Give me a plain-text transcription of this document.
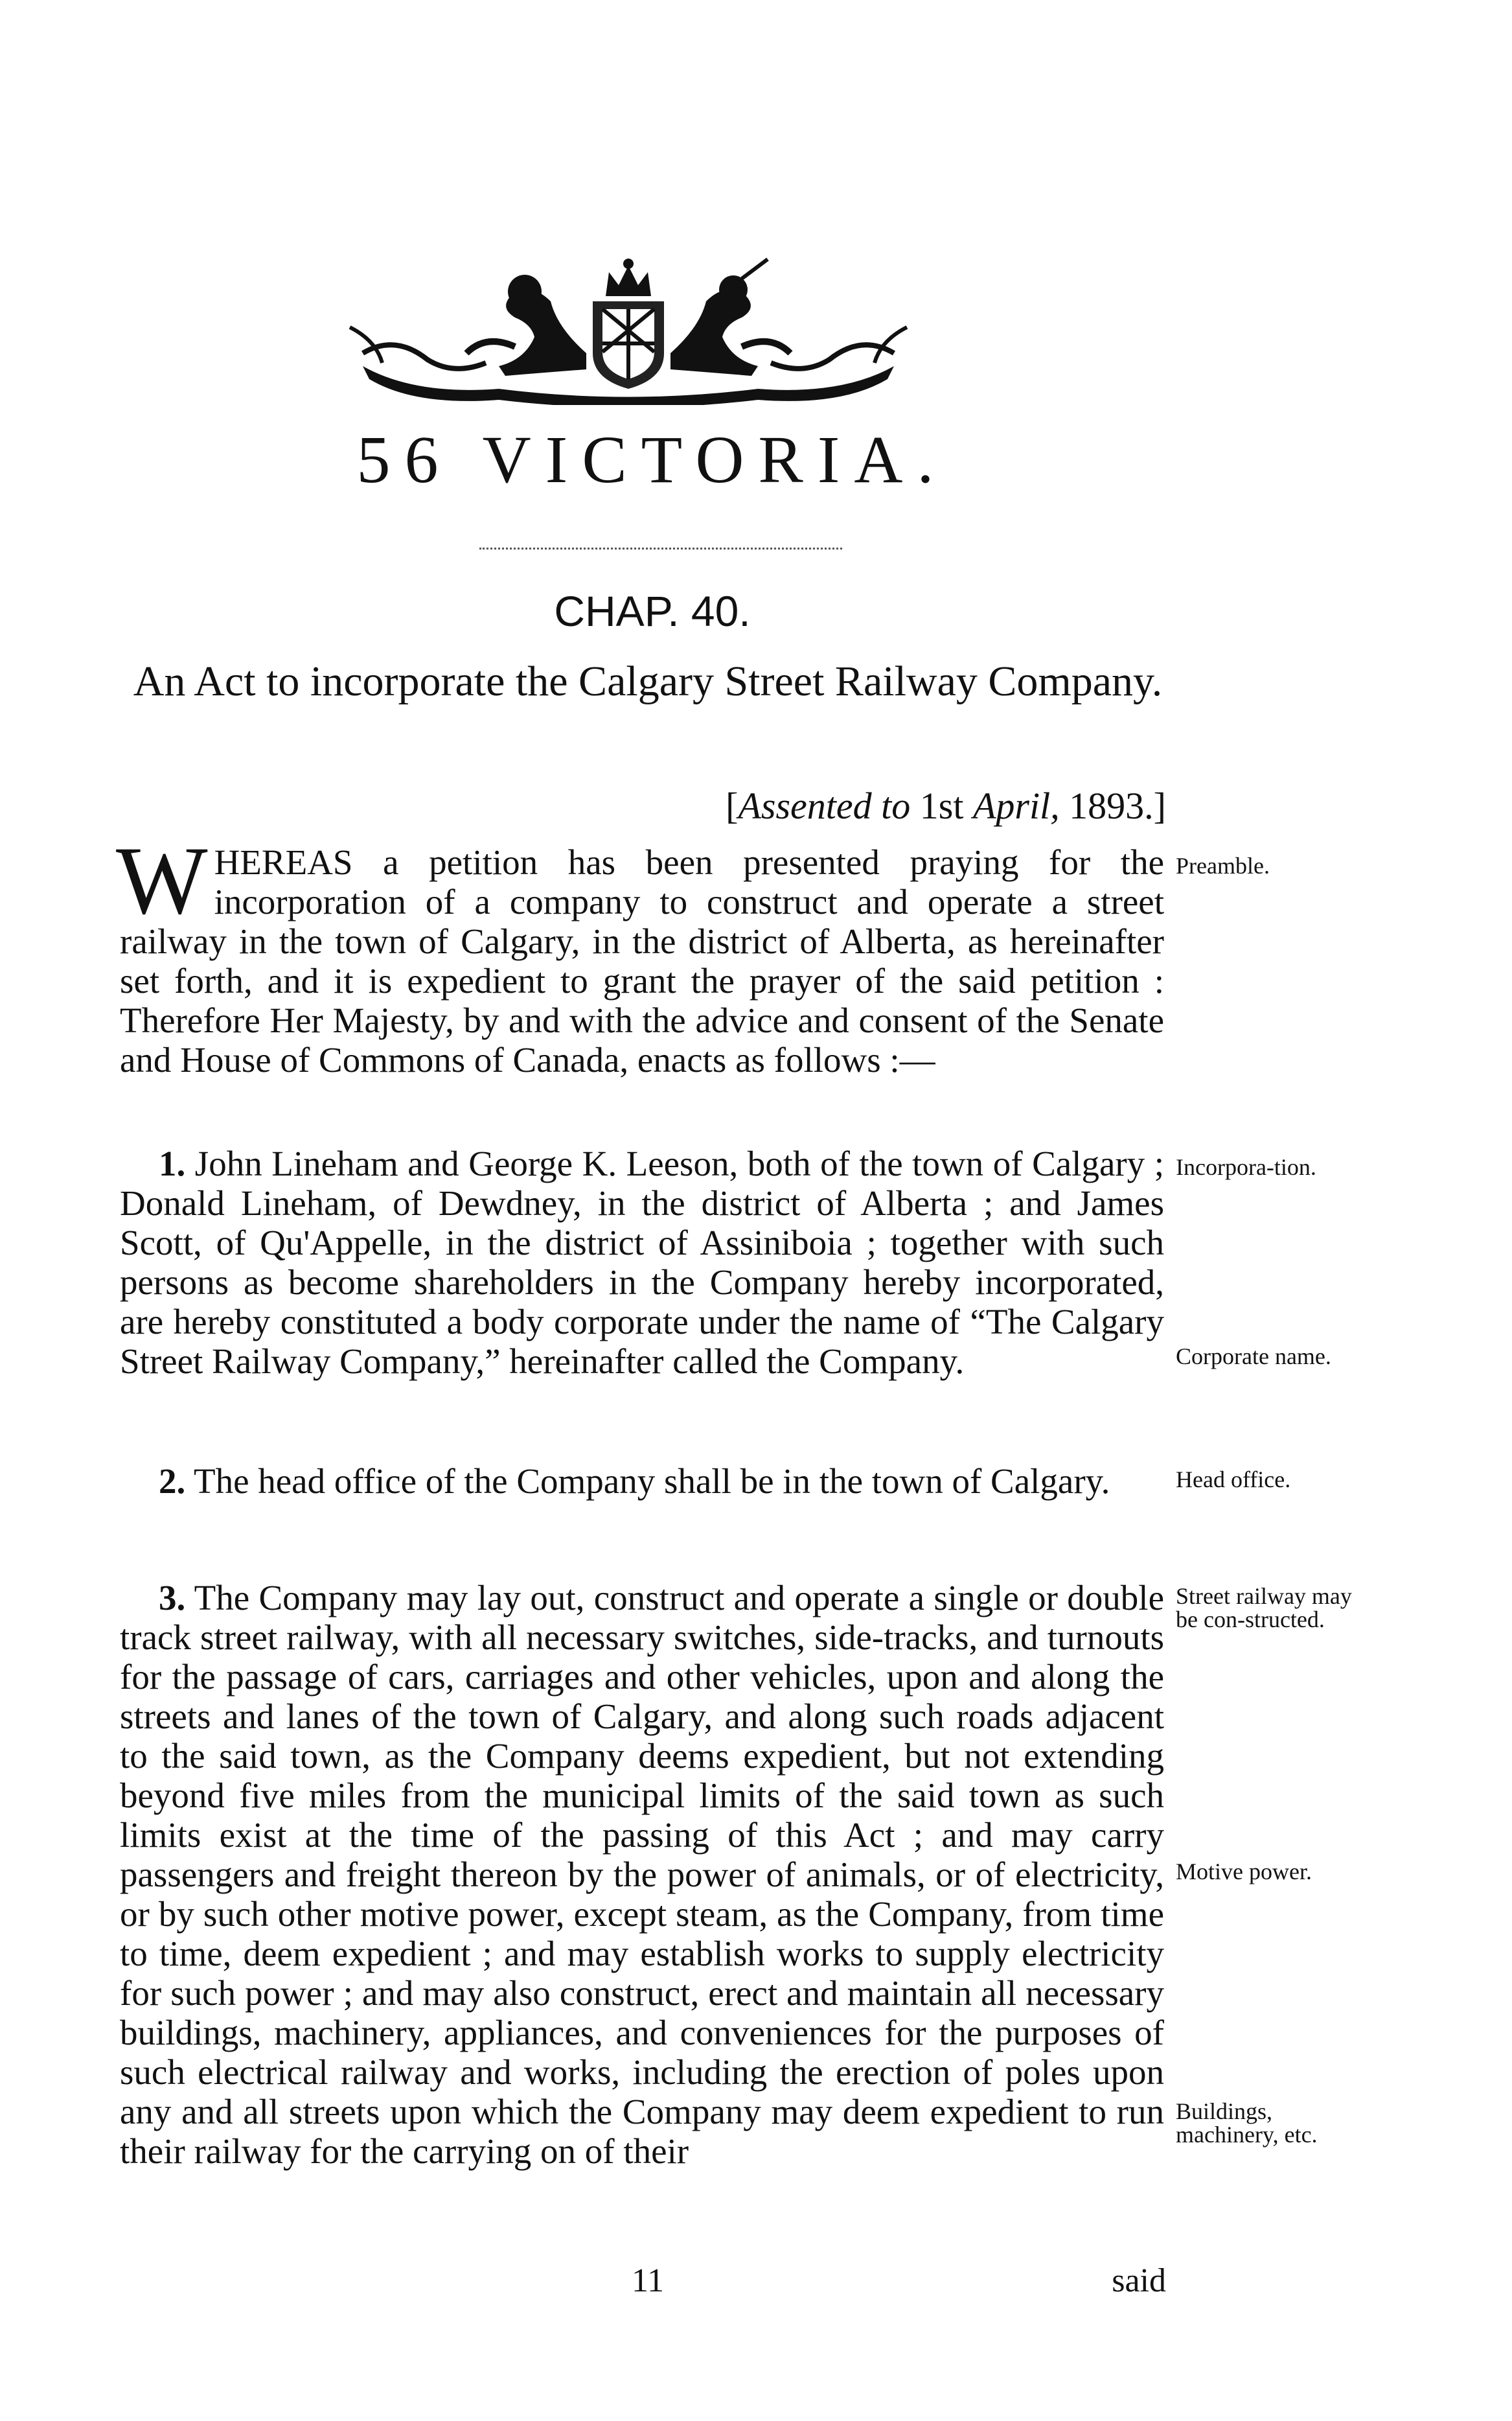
56 VICTORIA.
CHAP. 40.
An Act to incorporate the Calgary Street Railway Company.
[Assented to 1st April, 1893.]
WHEREAS a petition has been presented praying for the incorporation of a company to construct and operate a street railway in the town of Calgary, in the district of Alberta, as hereinafter set forth, and it is expedient to grant the prayer of the said petition : Therefore Her Majesty, by and with the advice and consent of the Senate and House of Commons of Canada, enacts as follows :—
1. John Lineham and George K. Leeson, both of the town of Calgary ; Donald Lineham, of Dewdney, in the district of Alberta ; and James Scott, of Qu'Appelle, in the district of Assiniboia ; together with such persons as become shareholders in the Company hereby incorporated, are hereby constituted a body corporate under the name of “The Calgary Street Railway Company,” hereinafter called the Company.
2. The head office of the Company shall be in the town of Calgary.
3. The Company may lay out, construct and operate a single or double track street railway, with all necessary switches, side-tracks, and turnouts for the passage of cars, carriages and other vehicles, upon and along the streets and lanes of the town of Calgary, and along such roads adjacent to the said town, as the Company deems expedient, but not extending beyond five miles from the municipal limits of the said town as such limits exist at the time of the passing of this Act ; and may carry passengers and freight thereon by the power of animals, or of electricity, or by such other motive power, except steam, as the Company, from time to time, deem expedient ; and may establish works to supply electricity for such power ; and may also construct, erect and maintain all necessary buildings, machinery, appliances, and conveniences for the purposes of such electrical railway and works, including the erection of poles upon any and all streets upon which the Company may deem expedient to run their railway for the carrying on of their
Preamble.
Incorpora-tion.
Corporate name.
Head office.
Street railway may be con-structed.
Motive power.
Buildings, machinery, etc.
11	said
